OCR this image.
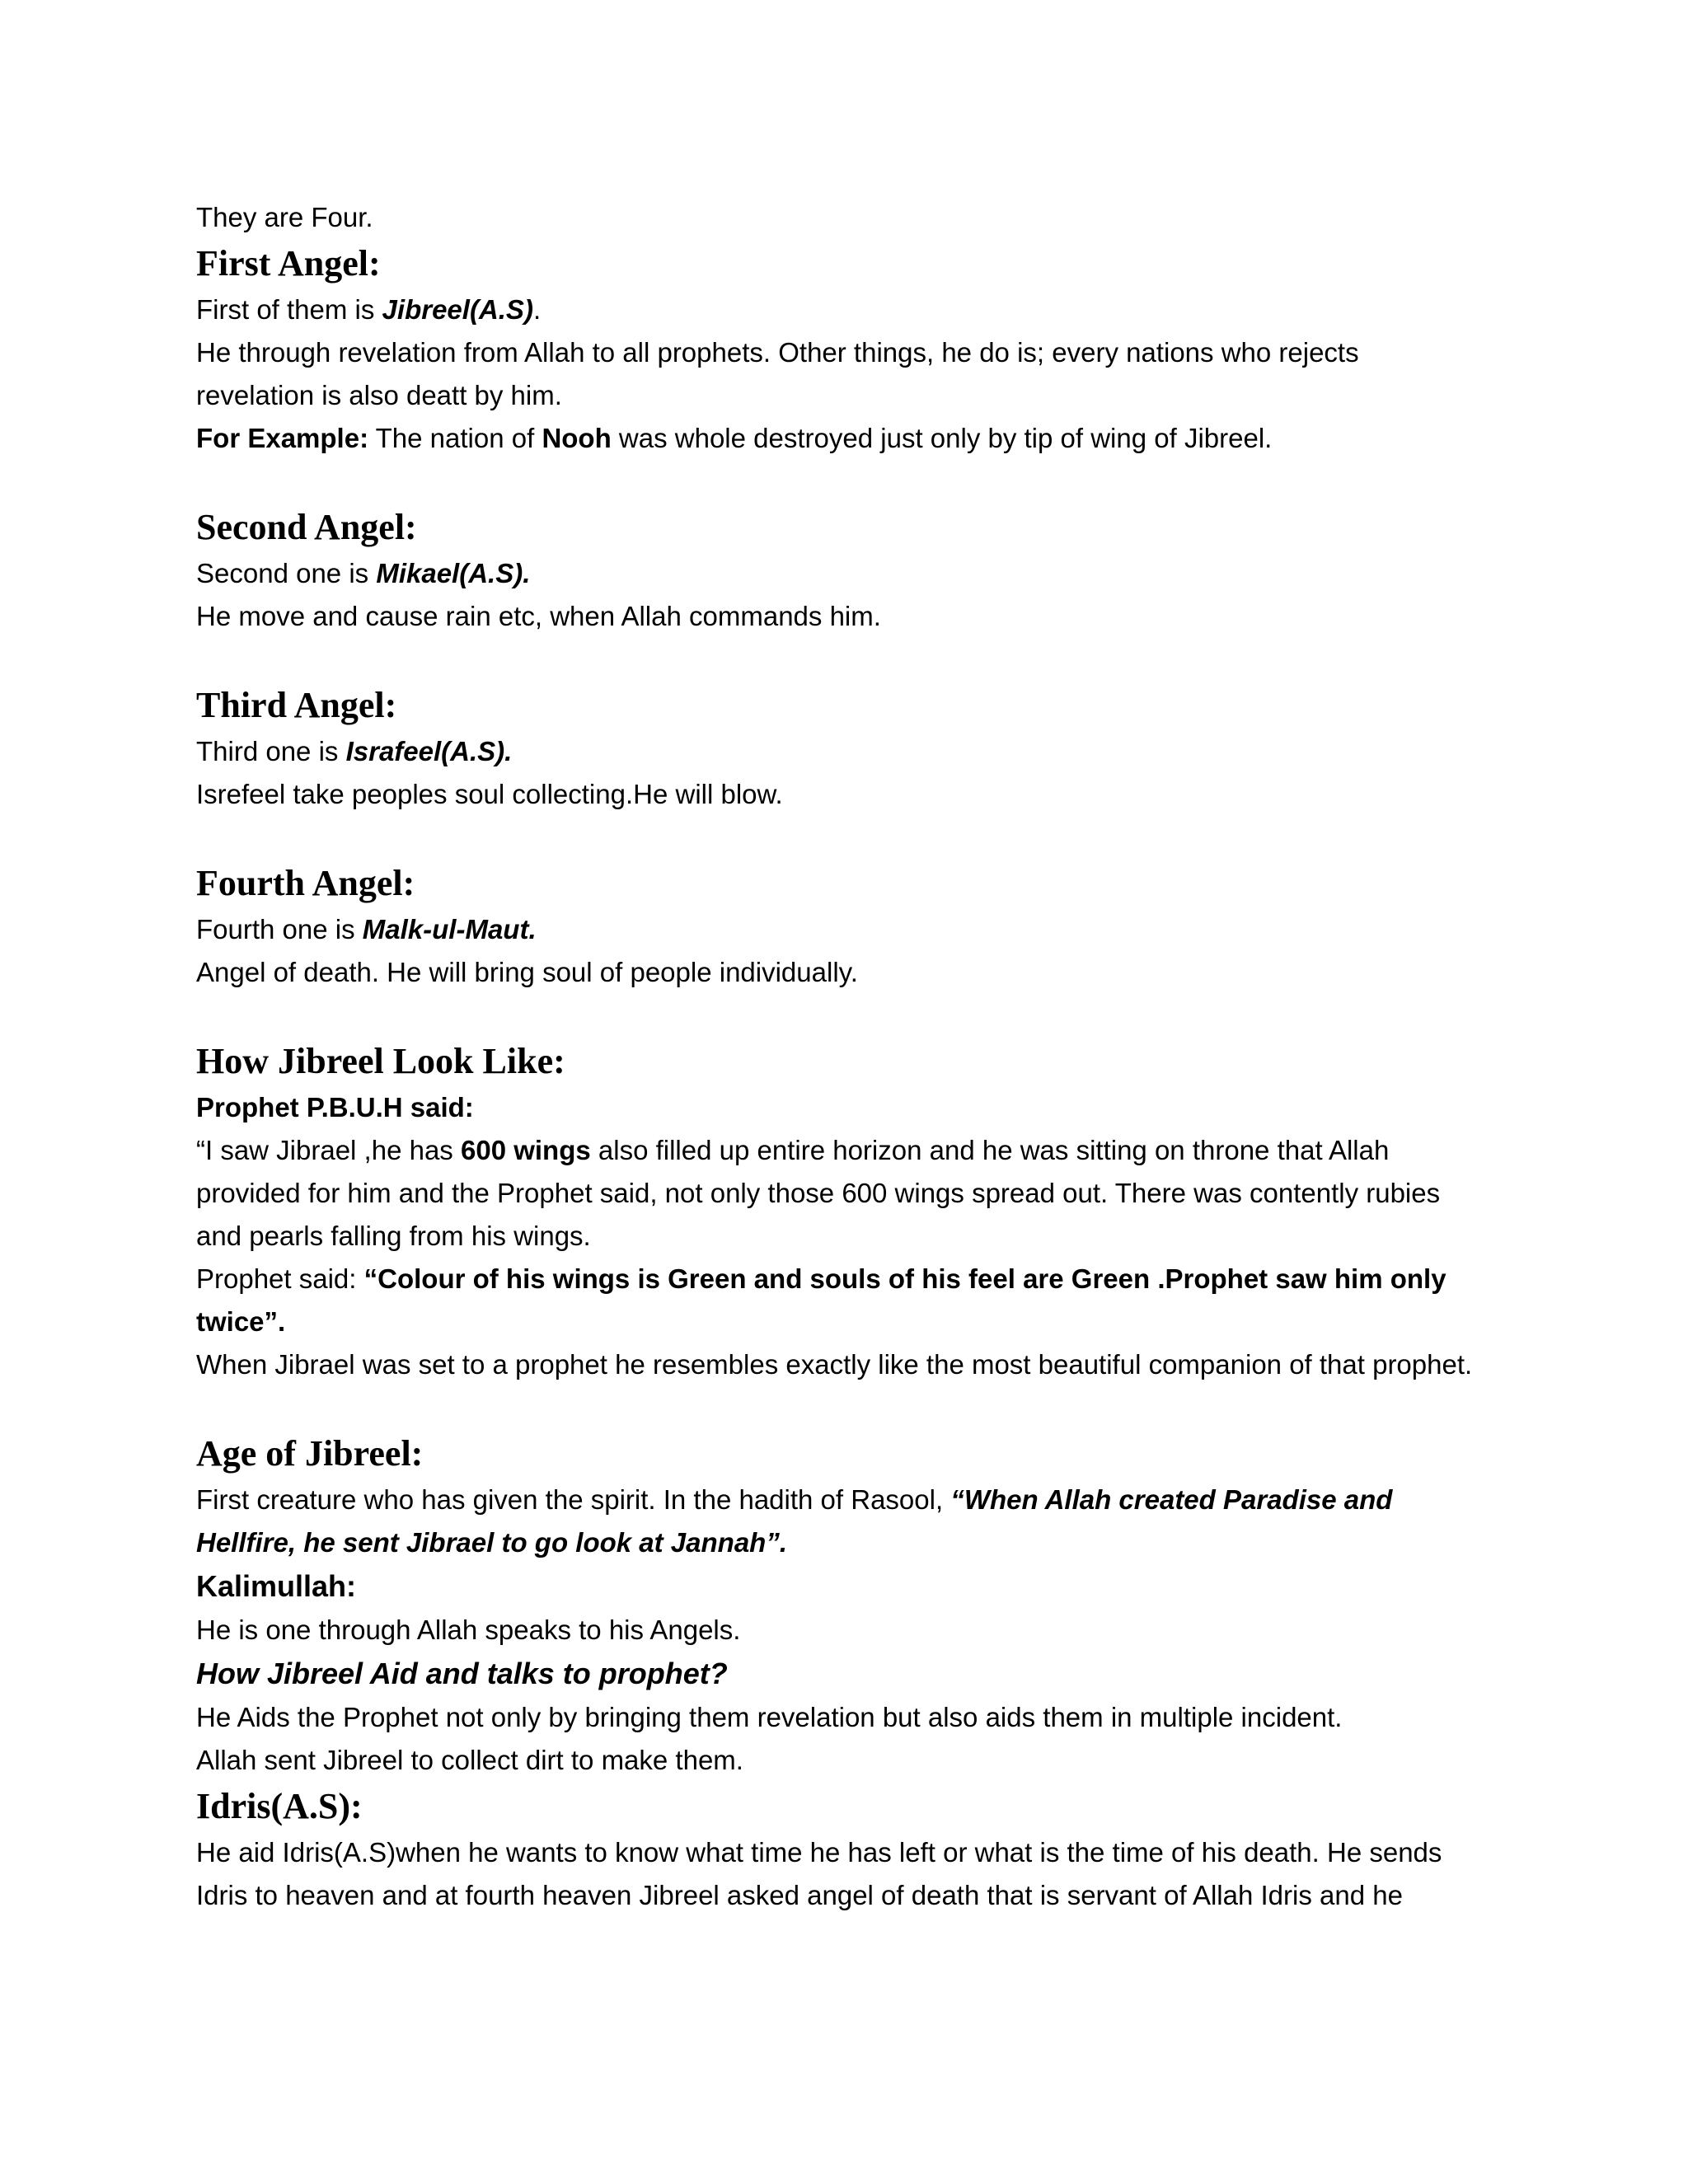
They are Four.

First Angel:

First of them is Jibreel(A.S).

He through revelation from Allah to all prophets. Other things, he do is; every nations who rejects revelation is also deatt by him.

For Example: The nation of Nooh was whole destroyed just only by tip of wing of Jibreel.

Second Angel:

Second one is Mikael(A.S).

He move and cause rain etc, when Allah commands him.

Third Angel:

Third one is Israfeel(A.S).

Isrefeel take peoples soul collecting.He will blow.

Fourth Angel:

Fourth one is Malk-ul-Maut.

Angel of death. He will bring soul of people individually.

How Jibreel Look Like:

Prophet P.B.U.H said:

“I saw Jibrael ,he has 600 wings also filled up entire horizon and he was sitting on throne that Allah provided for him and the Prophet said, not only those 600 wings spread out. There was contently rubies and pearls falling from his wings.

Prophet said: “Colour of his wings is Green and souls of his feel are Green .Prophet saw him only twice”.

When Jibrael was set to a prophet he resembles exactly like the most beautiful companion of that prophet.

Age of Jibreel:

First creature who has given the spirit. In the hadith of Rasool, “When Allah created Paradise and Hellfire, he sent Jibrael to go look at Jannah”.

Kalimullah:

He is one through Allah speaks to his Angels.

How Jibreel Aid and talks to prophet?

He Aids the Prophet not only by bringing them revelation but also aids them in multiple incident.

Allah sent Jibreel to collect dirt to make them.

Idris(A.S):

He aid Idris(A.S)when he wants to know what time he has left or what is the time of his death. He sends Idris to heaven and at fourth heaven Jibreel asked angel of death that is servant of Allah Idris and he
